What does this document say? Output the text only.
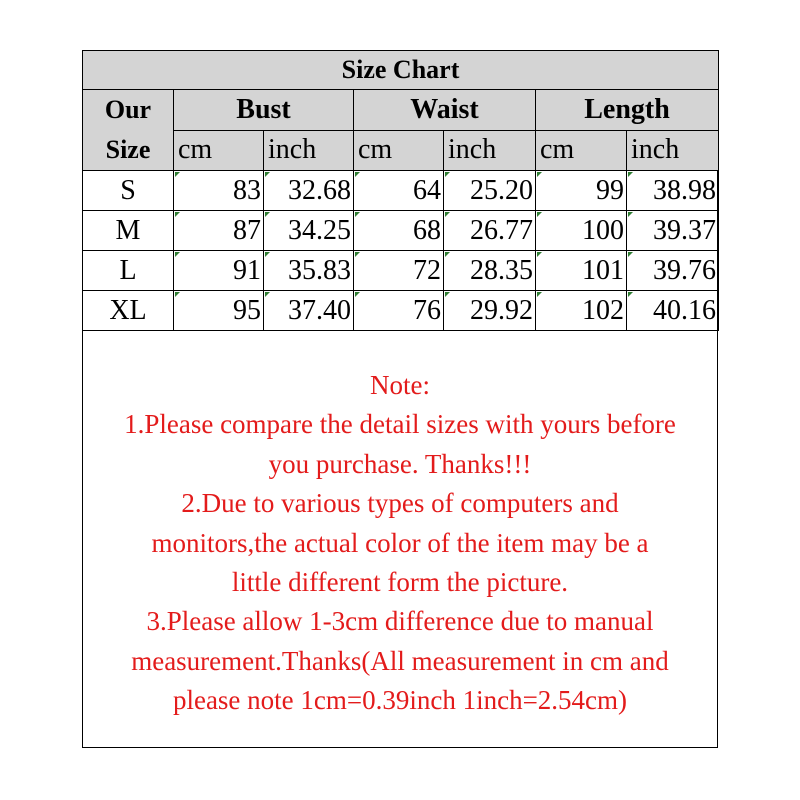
Size Chart						
Our
Size	Bust		Waist		Length	
	cm	inch	cm	inch	cm	inch
S	83	32.68	64	25.20	99	38.98
M	87	34.25	68	26.77	100	39.37
L	91	35.83	72	28.35	101	39.76
XL	95	37.40	76	29.92	102	40.16
Note:
1.Please compare the detail sizes with yours before
you purchase. Thanks!!!
2.Due to various types of computers and
monitors,the actual color of the item may be a
little different form the picture.
3.Please allow 1-3cm difference due to manual
measurement.Thanks(All measurement in cm and
please note 1cm=0.39inch 1inch=2.54cm)
